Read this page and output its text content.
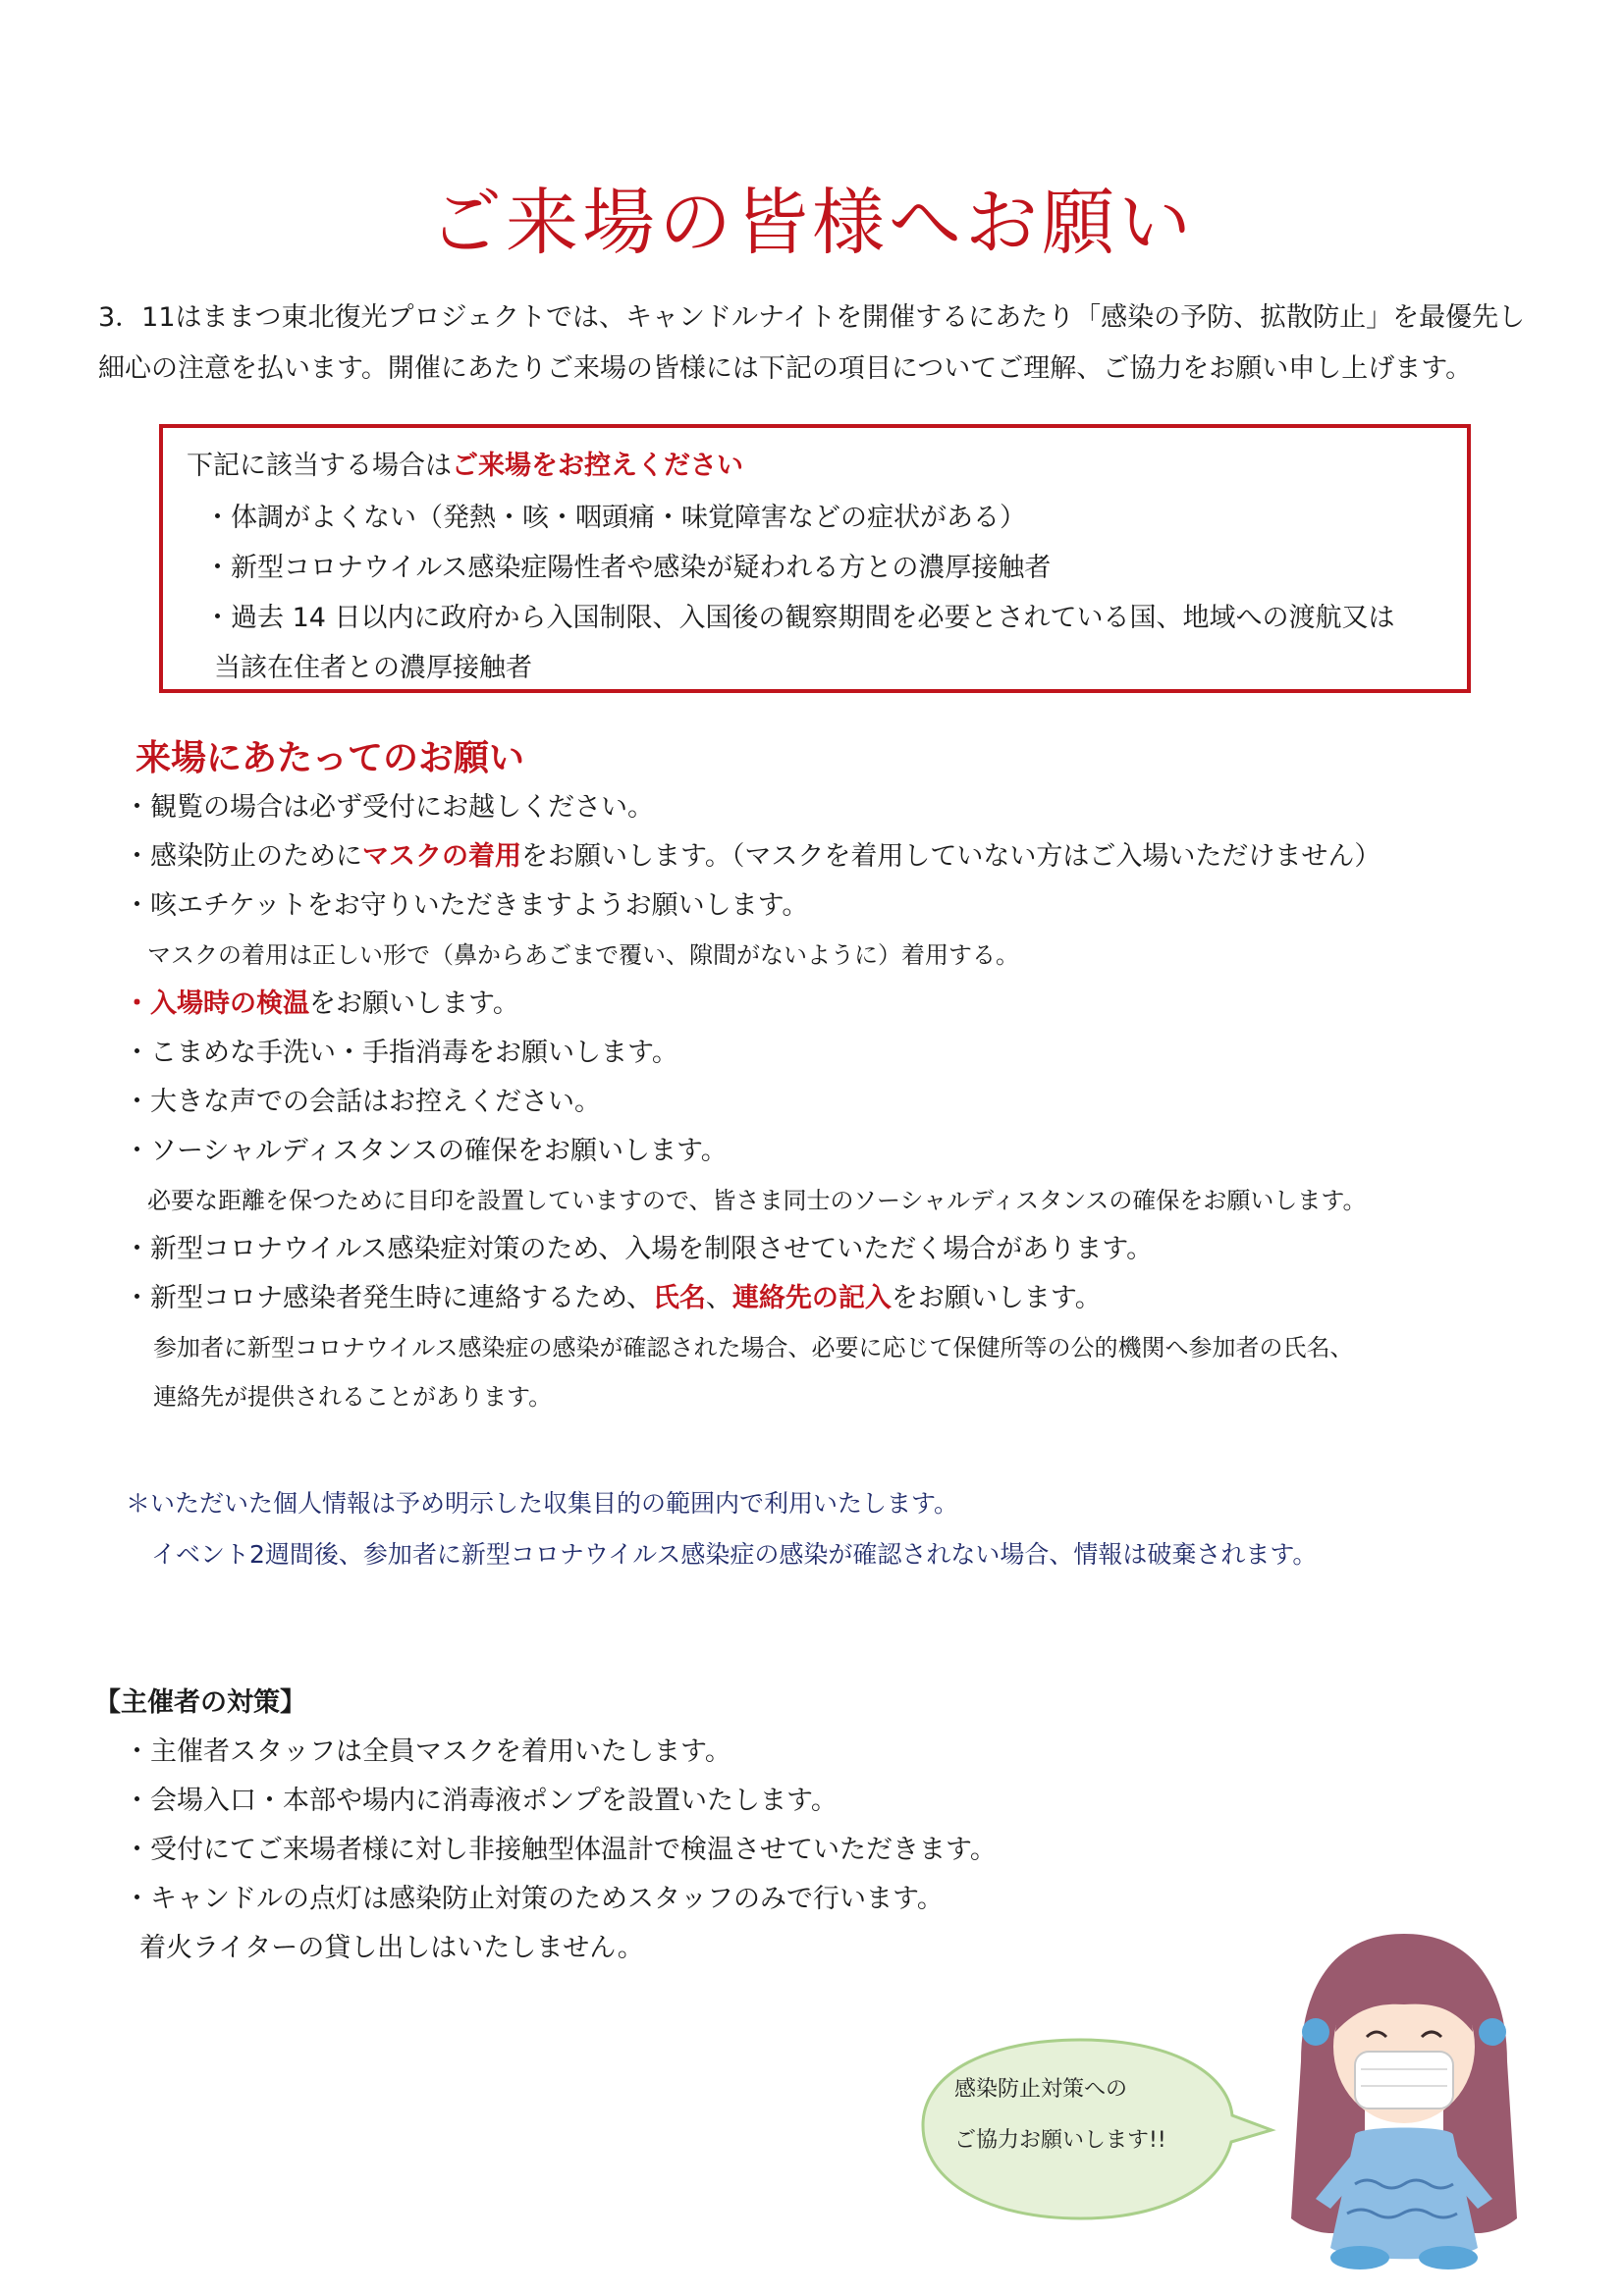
ご来場の皆様へお願い

3．11はままつ東北復光プロジェクトでは、キャンドルナイトを開催するにあたり「感染の予防、拡散防止」を最優先し

細心の注意を払います。開催にあたりご来場の皆様には下記の項目についてご理解、ご協力をお願い申し上げます。

下記に該当する場合はご来場をお控えください
・体調がよくない（発熱・咳・咽頭痛・味覚障害などの症状がある）
・新型コロナウイルス感染症陽性者や感染が疑われる方との濃厚接触者
・過去 14 日以内に政府から入国制限、入国後の観察期間を必要とされている国、地域への渡航又は
当該在住者との濃厚接触者
来場にあたってのお願い
・観覧の場合は必ず受付にお越しください。
・感染防止のためにマスクの着用をお願いします。（マスクを着用していない方はご入場いただけません）
・咳エチケットをお守りいただきますようお願いします。
マスクの着用は正しい形で（鼻からあごまで覆い、隙間がないように）着用する。
・入場時の検温をお願いします。
・こまめな手洗い・手指消毒をお願いします。
・大きな声での会話はお控えください。
・ソーシャルディスタンスの確保をお願いします。
必要な距離を保つために目印を設置していますので、皆さま同士のソーシャルディスタンスの確保をお願いします。
・新型コロナウイルス感染症対策のため、入場を制限させていただく場合があります。
・新型コロナ感染者発生時に連絡するため、氏名、連絡先の記入をお願いします。
参加者に新型コロナウイルス感染症の感染が確認された場合、必要に応じて保健所等の公的機関へ参加者の氏名、
連絡先が提供されることがあります。

＊いただいた個人情報は予め明示した収集目的の範囲内で利用いたします。

イベント2週間後、参加者に新型コロナウイルス感染症の感染が確認されない場合、情報は破棄されます。

【主催者の対策】
・主催者スタッフは全員マスクを着用いたします。
・会場入口・本部や場内に消毒液ポンプを設置いたします。
・受付にてご来場者様に対し非接触型体温計で検温させていただきます。
・キャンドルの点灯は感染防止対策のためスタッフのみで行います。
着火ライターの貸し出しはいたしません。

感染防止対策への

ご協力お願いします!!
